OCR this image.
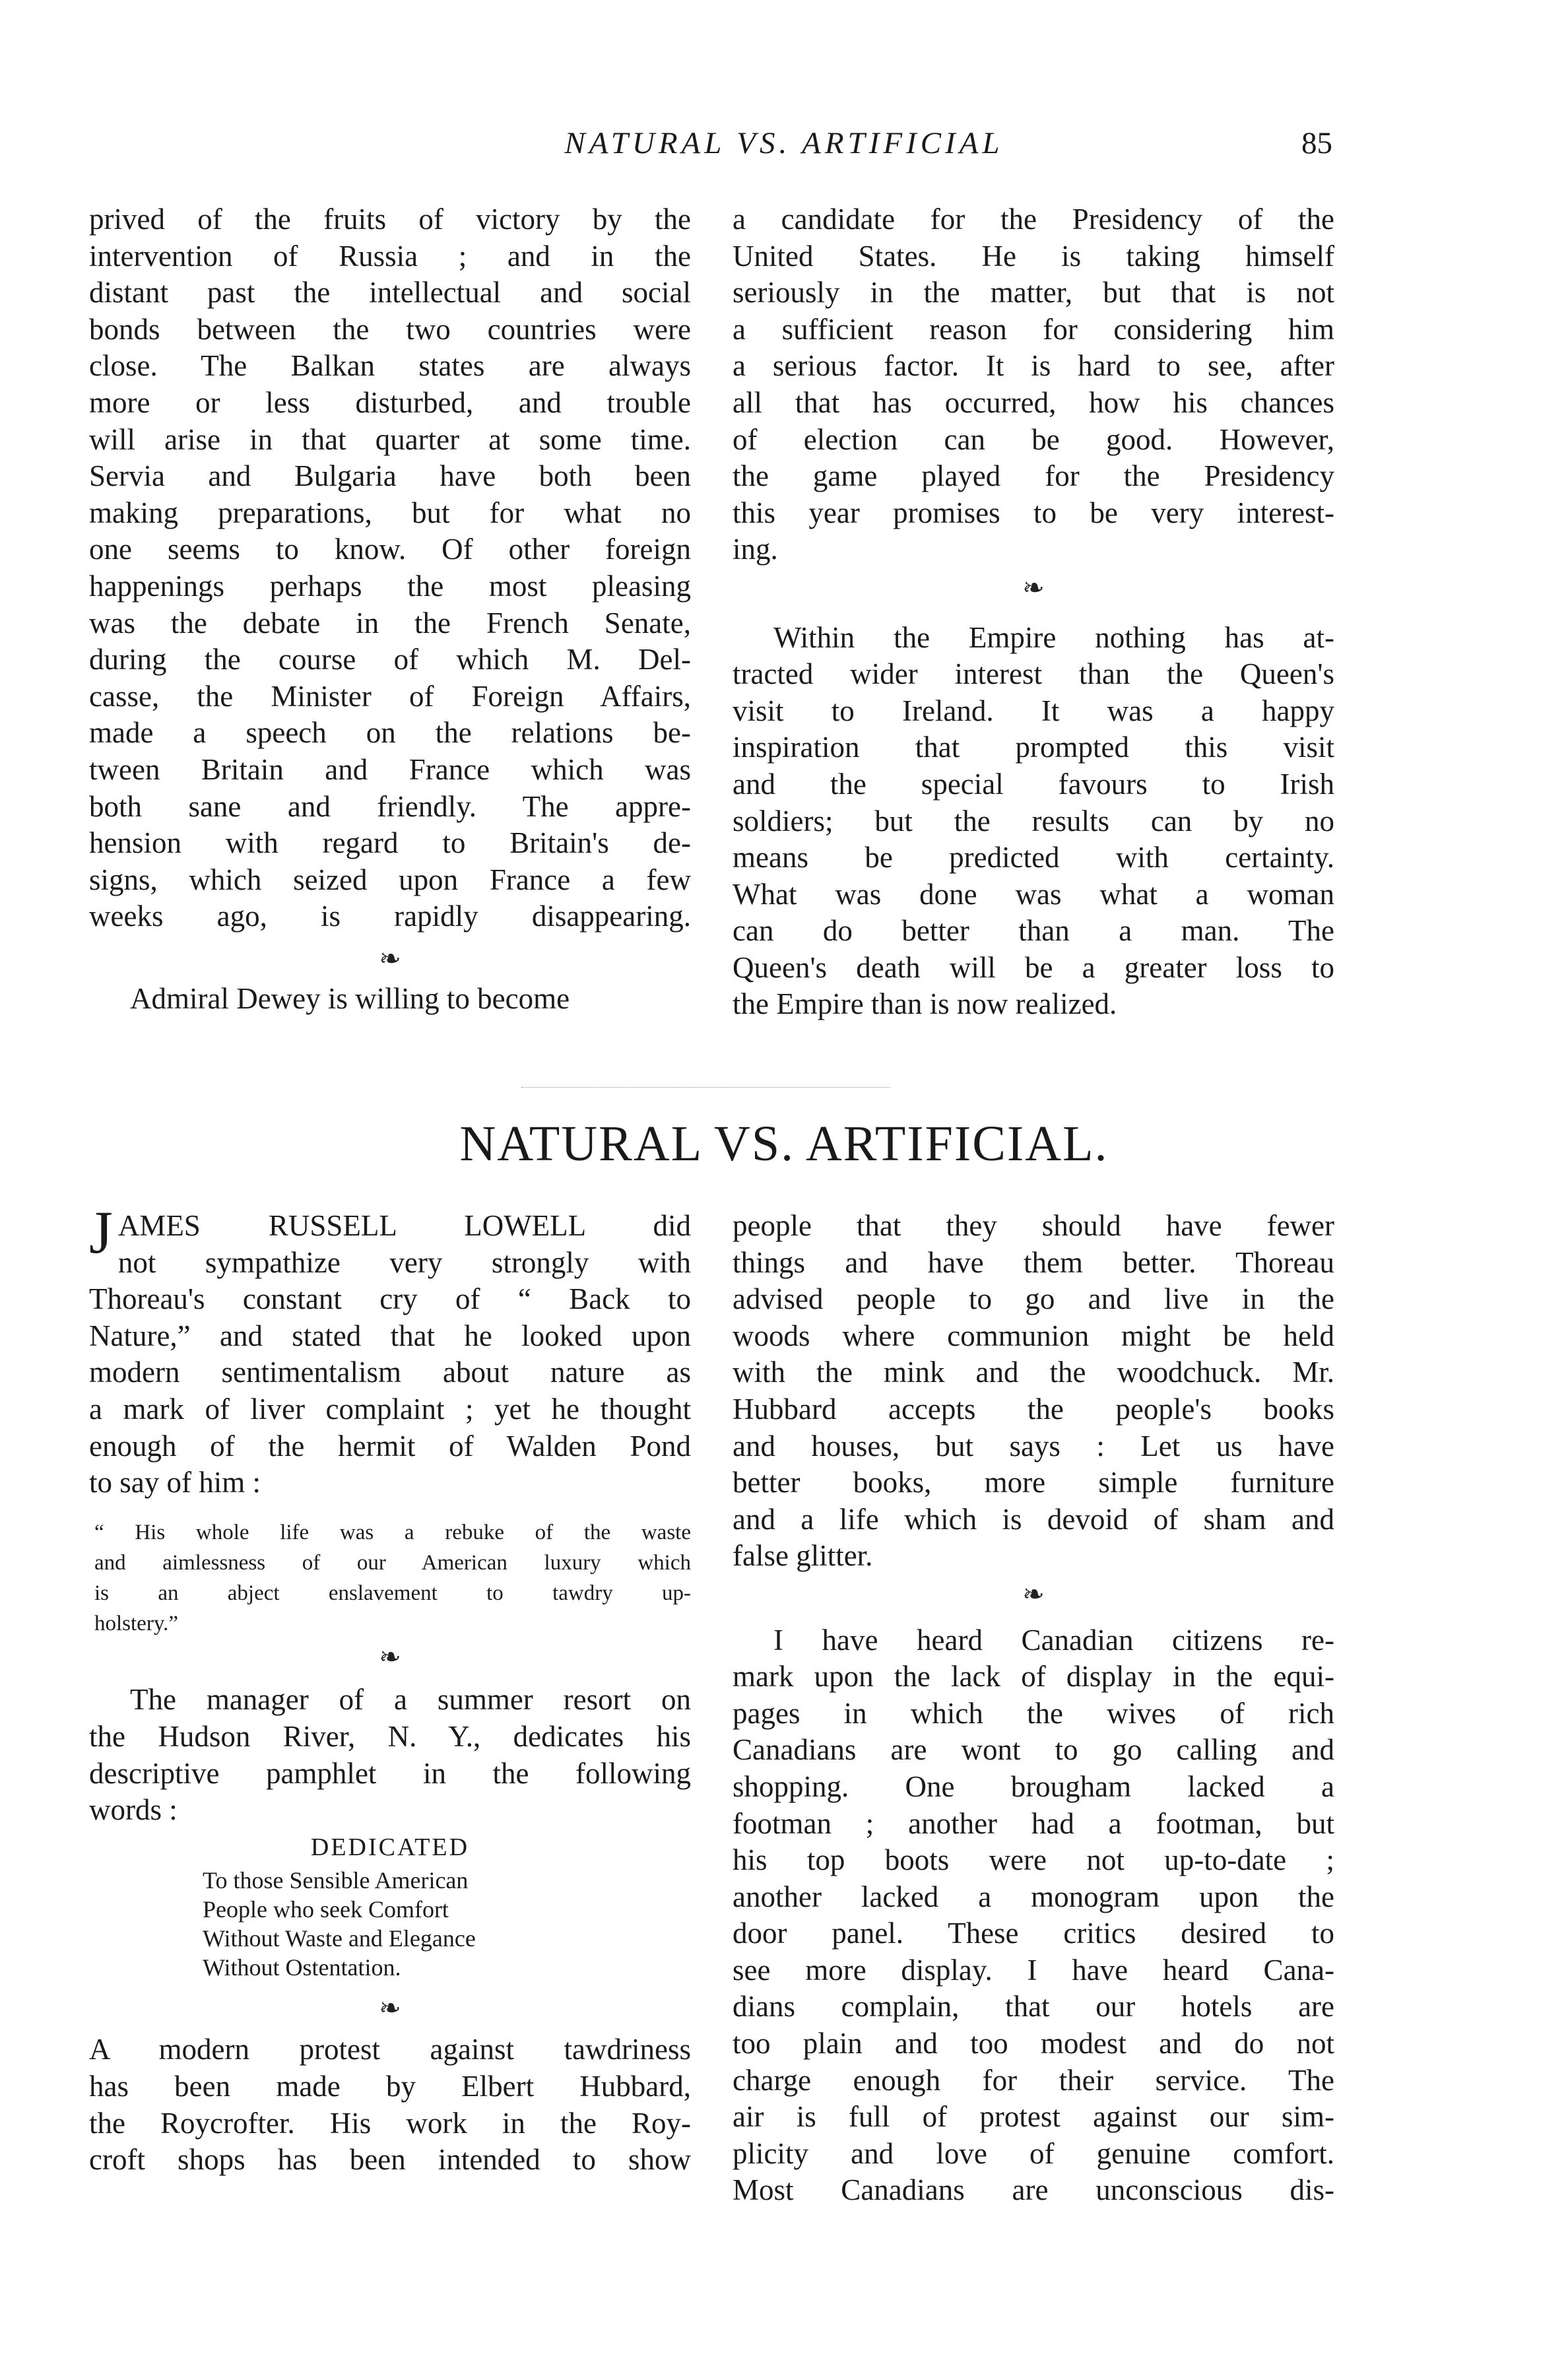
NATURAL VS. ARTIFICIAL	85

prived of the fruits of victory by the

intervention of Russia ; and in the

distant past the intellectual and social

bonds between the two countries were

close. The Balkan states are always

more or less disturbed, and trouble

will arise in that quarter at some time.

Servia and Bulgaria have both been

making preparations, but for what no

one seems to know. Of other foreign

happenings perhaps the most pleasing

was the debate in the French Senate,

during the course of which M. Del-

casse, the Minister of Foreign Affairs,

made a speech on the relations be-

tween Britain and France which was

both sane and friendly. The appre-

hension with regard to Britain's de-

signs, which seized upon France a few

weeks ago, is rapidly disappearing.

❧

Admiral Dewey is willing to become

a candidate for the Presidency of the

United States. He is taking himself

seriously in the matter, but that is not

a sufficient reason for considering him

a serious factor. It is hard to see, after

all that has occurred, how his chances

of election can be good. However,

the game played for the Presidency

this year promises to be very interest-

ing.

❧

Within the Empire nothing has at-

tracted wider interest than the Queen's

visit to Ireland. It was a happy

inspiration that prompted this visit

and the special favours to Irish

soldiers; but the results can by no

means be predicted with certainty.

What was done was what a woman

can do better than a man. The

Queen's death will be a greater loss to

the Empire than is now realized.

NATURAL VS. ARTIFICIAL.
J AMES RUSSELL LOWELL did

not sympathize very strongly with

Thoreau's constant cry of “ Back to

Nature,” and stated that he looked upon

modern sentimentalism about nature as

a mark of liver complaint ; yet he thought

enough of the hermit of Walden Pond

to say of him :

“ His whole life was a rebuke of the waste

and aimlessness of our American luxury which

is an abject enslavement to tawdry up-

holstery.”

❧

The manager of a summer resort on

the Hudson River, N. Y., dedicates his

descriptive pamphlet in the following

words :

DEDICATED

To those Sensible American

People who seek Comfort

Without Waste and Elegance

Without Ostentation.

❧

A modern protest against tawdriness

has been made by Elbert Hubbard,

the Roycrofter. His work in the Roy-

croft shops has been intended to show

people that they should have fewer

things and have them better. Thoreau

advised people to go and live in the

woods where communion might be held

with the mink and the woodchuck. Mr.

Hubbard accepts the people's books

and houses, but says : Let us have

better books, more simple furniture

and a life which is devoid of sham and

false glitter.

❧

I have heard Canadian citizens re-

mark upon the lack of display in the equi-

pages in which the wives of rich

Canadians are wont to go calling and

shopping. One brougham lacked a

footman ; another had a footman, but

his top boots were not up-to-date ;

another lacked a monogram upon the

door panel. These critics desired to

see more display. I have heard Cana-

dians complain, that our hotels are

too plain and too modest and do not

charge enough for their service. The

air is full of protest against our sim-

plicity and love of genuine comfort.

Most Canadians are unconscious dis-
